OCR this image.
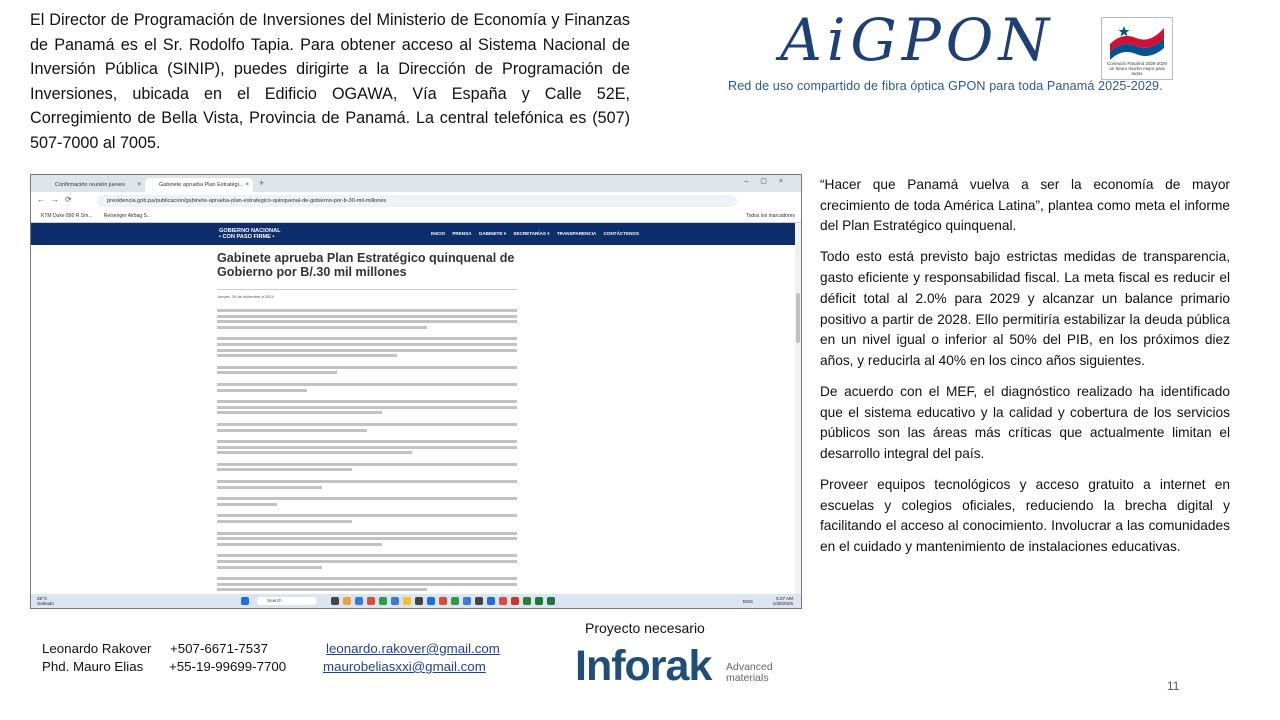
El Director de Programación de Inversiones del Ministerio de Economía y Finanzas de Panamá es el Sr. Rodolfo Tapia. Para obtener acceso al Sistema Nacional de Inversión Pública (SINIP), puedes dirigirte a la Dirección de Programación de Inversiones, ubicada en el Edificio OGAWA, Vía España y Calle 52E, Corregimiento de Bella Vista, Provincia de Panamá. La central telefónica es (507) 507-7000 al 7005.
AiGPON	Conexión Panamá 2025-2029 un futuro mucho mejor para todos
Red de uso compartido de fibra óptica GPON para toda Panamá 2025-2029.
Confirmación reunión jueves ×	Gabinete aprueba Plan Estratégi... × +	–▢×
←→⟳	presidencia.gob.pa/publicacion/gabinete-aprueba-plan-estrategico-quinquenal-de-gobierno-por-b-30-mil-millones
KTM Duke 890 R Sm... Reisenger Airbag S...	Todos los marcadores
GOBIERNO NACIONAL
• CON PASO FIRME •
INICIO PRENSA GABINETE ▾ SECRETARÍAS ▾ TRANSPARENCIA CONTÁCTENOS
Gabinete aprueba Plan Estratégico quinquenal de Gobierno por B/.30 mil millones
Jueves, 26 de diciembre a 2024
28°C
Soleado
Search	ENG
5:27 AM
1/30/2025

“Hacer que Panamá vuelva a ser la economía de mayor crecimiento de toda América Latina”, plantea como meta el informe del Plan Estratégico quinquenal.

Todo esto está previsto bajo estrictas medidas de transparencia, gasto eficiente y responsabilidad fiscal. La meta fiscal es reducir el déficit total al 2.0% para 2029 y alcanzar un balance primario positivo a partir de 2028. Ello permitiría estabilizar la deuda pública en un nivel igual o inferior al 50% del PIB, en los próximos diez años, y reducirla al 40% en los cinco años siguientes.

De acuerdo con el MEF, el diagnóstico realizado ha identificado que el sistema educativo y la calidad y cobertura de los servicios públicos son las áreas más críticas que actualmente limitan el desarrollo integral del país.

Proveer equipos tecnológicos y acceso gratuito a internet en escuelas y colegios oficiales, reduciendo la brecha digital y facilitando el acceso al conocimiento. Involucrar a las comunidades en el cuidado y mantenimiento de instalaciones educativas.

Leonardo Rakover +507-6671-7537	leonardo.rakover@gmail.com
Phd. Mauro Elias +55-19-99699-7700	maurobeliasxxi@gmail.com
Proyecto necesario
Inforak Advanced
materials
11
